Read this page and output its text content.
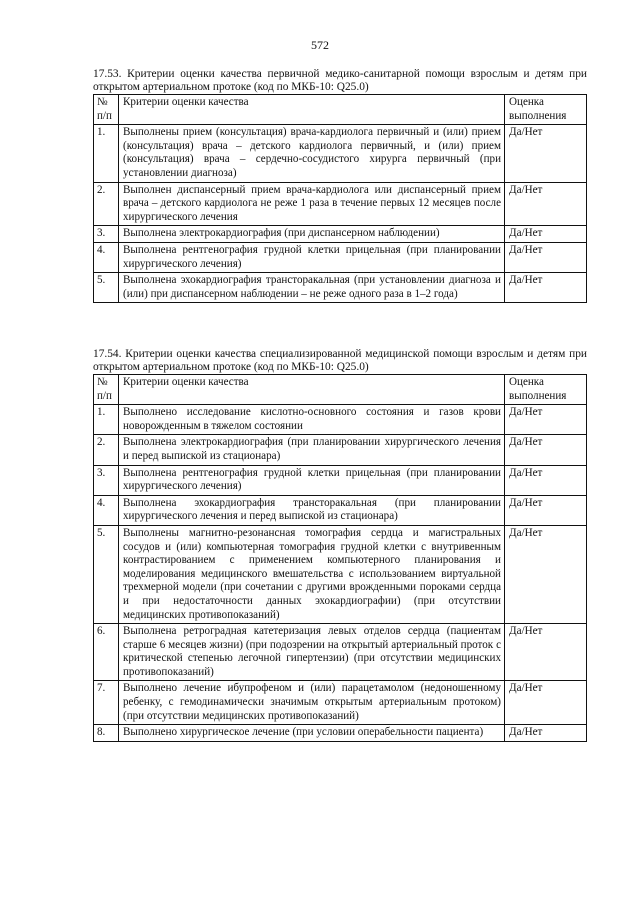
572

17.53. Критерии оценки качества первичной медико-санитарной помощи взрослым и детям при открытом артериальном протоке (код по МКБ-10: Q25.0)

№ п/п	Критерии оценки качества	Оценка выполнения
1.	Выполнены прием (консультация) врача-кардиолога первичный и (или) прием (консультация) врача – детского кардиолога первичный, и (или) прием (консультация) врача – сердечно-сосудистого хирурга первичный (при установлении диагноза)	Да/Нет
2.	Выполнен диспансерный прием врача-кардиолога или диспансерный прием врача – детского кардиолога не реже 1 раза в течение первых 12 месяцев после хирургического лечения	Да/Нет
3.	Выполнена электрокардиография (при диспансерном наблюдении)	Да/Нет
4.	Выполнена рентгенография грудной клетки прицельная (при планировании хирургического лечения)	Да/Нет
5.	Выполнена эхокардиография трансторакальная (при установлении диагноза и (или) при диспансерном наблюдении – не реже одного раза в 1–2 года)	Да/Нет

17.54. Критерии оценки качества специализированной медицинской помощи взрослым и детям при открытом артериальном протоке (код по МКБ-10: Q25.0)

№ п/п	Критерии оценки качества	Оценка выполнения
1.	Выполнено исследование кислотно-основного состояния и газов крови новорожденным в тяжелом состоянии	Да/Нет
2.	Выполнена электрокардиография (при планировании хирургического лечения и перед выпиской из стационара)	Да/Нет
3.	Выполнена рентгенография грудной клетки прицельная (при планировании хирургического лечения)	Да/Нет
4.	Выполнена эхокардиография трансторакальная (при планировании хирургического лечения и перед выпиской из стационара)	Да/Нет
5.	Выполнены магнитно-резонансная томография сердца и магистральных сосудов и (или) компьютерная томография грудной клетки с внутривенным контрастированием с применением компьютерного планирования и моделирования медицинского вмешательства с использованием виртуальной трехмерной модели (при сочетании с другими врожденными пороками сердца и при недостаточности данных эхокардиографии) (при отсутствии медицинских противопоказаний)	Да/Нет
6.	Выполнена ретроградная катетеризация левых отделов сердца (пациентам старше 6 месяцев жизни) (при подозрении на открытый артериальный проток с критической степенью легочной гипертензии) (при отсутствии медицинских противопоказаний)	Да/Нет
7.	Выполнено лечение ибупрофеном и (или) парацетамолом (недоношенному ребенку, с гемодинамически значимым открытым артериальным протоком) (при отсутствии медицинских противопоказаний)	Да/Нет
8.	Выполнено хирургическое лечение (при условии операбельности пациента)	Да/Нет
